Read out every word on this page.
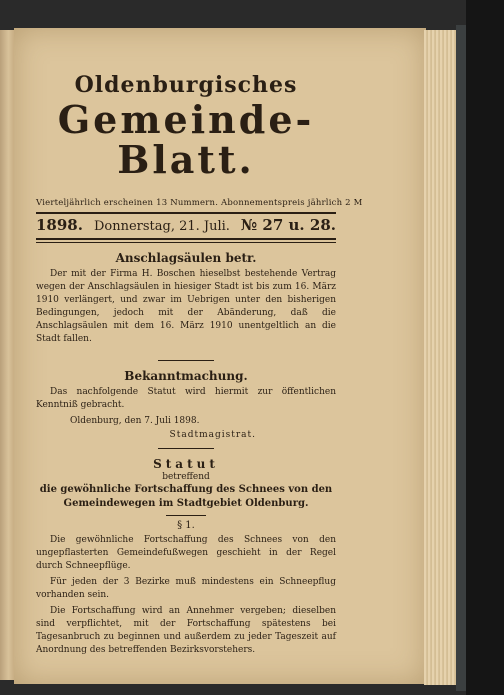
Oldenburgisches
Gemeinde-Blatt.
Vierteljährlich erscheinen 13 Nummern. Abonnementspreis jährlich 2 M
1898. Donnerstag, 21. Juli. № 27 u. 28.
Anschlagsäulen betr.
Der mit der Firma H. Boschen hieselbst bestehende Vertrag wegen der Anschlagsäulen in hiesiger Stadt ist bis zum 16. März 1910 verlängert, und zwar im Uebrigen unter den bisherigen Bedingungen, jedoch mit der Abänderung, daß die Anschlagsäulen mit dem 16. März 1910 unentgeltlich an die Stadt fallen.
Bekanntmachung.
Das nachfolgende Statut wird hiermit zur öffentlichen Kenntniß gebracht.
Oldenburg, den 7. Juli 1898.
Stadtmagistrat.
Statut
betreffend
die gewöhnliche Fortschaffung des Schnees von den Gemeindewegen im Stadtgebiet Oldenburg.
§ 1.
Die gewöhnliche Fortschaffung des Schnees von den ungepflasterten Gemeindefußwegen geschieht in der Regel durch Schneepflüge.
Für jeden der 3 Bezirke muß mindestens ein Schneepflug vorhanden sein.
Die Fortschaffung wird an Annehmer vergeben; dieselben sind verpflichtet, mit der Fortschaffung spätestens bei Tagesanbruch zu beginnen und außerdem zu jeder Tageszeit auf Anordnung des betreffenden Bezirksvorstehers.
